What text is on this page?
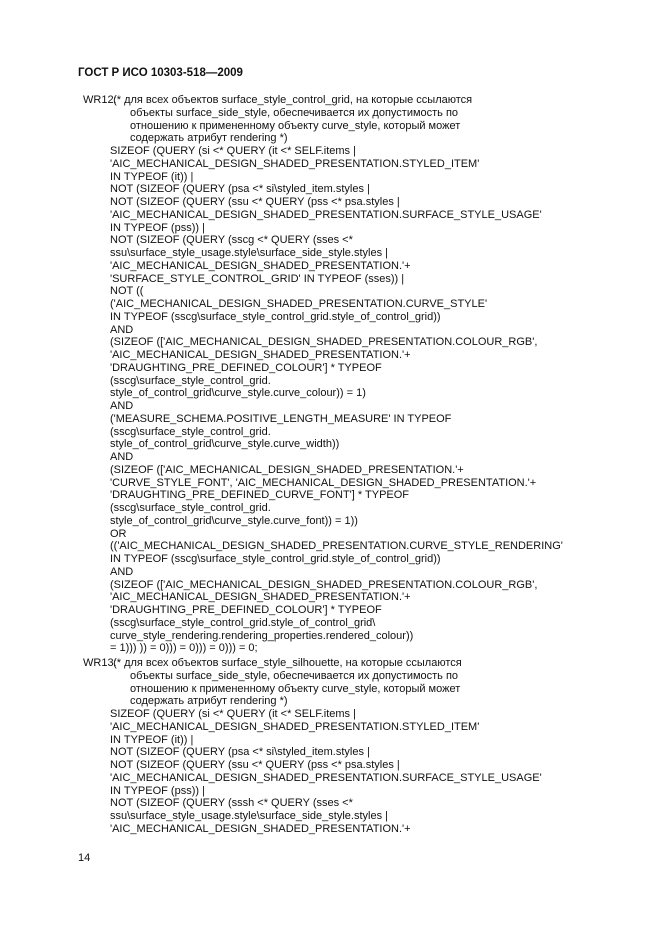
ГОСТ Р ИСО 10303-518—2009
WR12: (* для всех объектов surface_style_control_grid, на которые ссылаются
объекты surface_side_style, обеспечивается их допустимость по
отношению к примененному объекту curve_style, который может
содержать атрибут rendering *)
SIZEOF (QUERY (si <* QUERY (it <* SELF.items |
'AIC_MECHANICAL_DESIGN_SHADED_PRESENTATION.STYLED_ITEM'
IN TYPEOF (it)) |
NOT (SIZEOF (QUERY (psa <* si\styled_item.styles |
NOT (SIZEOF (QUERY (ssu <* QUERY (pss <* psa.styles |
'AIC_MECHANICAL_DESIGN_SHADED_PRESENTATION.SURFACE_STYLE_USAGE'
IN TYPEOF (pss)) |
NOT (SIZEOF (QUERY (sscg <* QUERY (sses <*
ssu\surface_style_usage.style\surface_side_style.styles |
'AIC_MECHANICAL_DESIGN_SHADED_PRESENTATION.'+
'SURFACE_STYLE_CONTROL_GRID' IN TYPEOF (sses)) |
NOT ((
('AIC_MECHANICAL_DESIGN_SHADED_PRESENTATION.CURVE_STYLE'
IN TYPEOF (sscg\surface_style_control_grid.style_of_control_grid))
AND
(SIZEOF (['AIC_MECHANICAL_DESIGN_SHADED_PRESENTATION.COLOUR_RGB',
'AIC_MECHANICAL_DESIGN_SHADED_PRESENTATION.'+
'DRAUGHTING_PRE_DEFINED_COLOUR'] * TYPEOF
(sscg\surface_style_control_grid.
style_of_control_grid\curve_style.curve_colour)) = 1)
AND
('MEASURE_SCHEMA.POSITIVE_LENGTH_MEASURE' IN TYPEOF
(sscg\surface_style_control_grid.
style_of_control_grid\curve_style.curve_width))
AND
(SIZEOF (['AIC_MECHANICAL_DESIGN_SHADED_PRESENTATION.'+
'CURVE_STYLE_FONT', 'AIC_MECHANICAL_DESIGN_SHADED_PRESENTATION.'+
'DRAUGHTING_PRE_DEFINED_CURVE_FONT'] * TYPEOF
(sscg\surface_style_control_grid.
style_of_control_grid\curve_style.curve_font)) = 1))
OR
(('AIC_MECHANICAL_DESIGN_SHADED_PRESENTATION.CURVE_STYLE_RENDERING'
IN TYPEOF (sscg\surface_style_control_grid.style_of_control_grid))
AND
(SIZEOF (['AIC_MECHANICAL_DESIGN_SHADED_PRESENTATION.COLOUR_RGB',
'AIC_MECHANICAL_DESIGN_SHADED_PRESENTATION.'+
'DRAUGHTING_PRE_DEFINED_COLOUR'] * TYPEOF
(sscg\surface_style_control_grid.style_of_control_grid\
curve_style_rendering.rendering_properties.rendered_colour))
= 1))) )) = 0))) = 0))) = 0))) = 0;
WR13: (* для всех объектов surface_style_silhouette, на которые ссылаются
объекты surface_side_style, обеспечивается их допустимость по
отношению к примененному объекту curve_style, который может
содержать атрибут rendering *)
SIZEOF (QUERY (si <* QUERY (it <* SELF.items |
'AIC_MECHANICAL_DESIGN_SHADED_PRESENTATION.STYLED_ITEM'
IN TYPEOF (it)) |
NOT (SIZEOF (QUERY (psa <* si\styled_item.styles |
NOT (SIZEOF (QUERY (ssu <* QUERY (pss <* psa.styles |
'AIC_MECHANICAL_DESIGN_SHADED_PRESENTATION.SURFACE_STYLE_USAGE'
IN TYPEOF (pss)) |
NOT (SIZEOF (QUERY (sssh <* QUERY (sses <*
ssu\surface_style_usage.style\surface_side_style.styles |
'AIC_MECHANICAL_DESIGN_SHADED_PRESENTATION.'+
14
